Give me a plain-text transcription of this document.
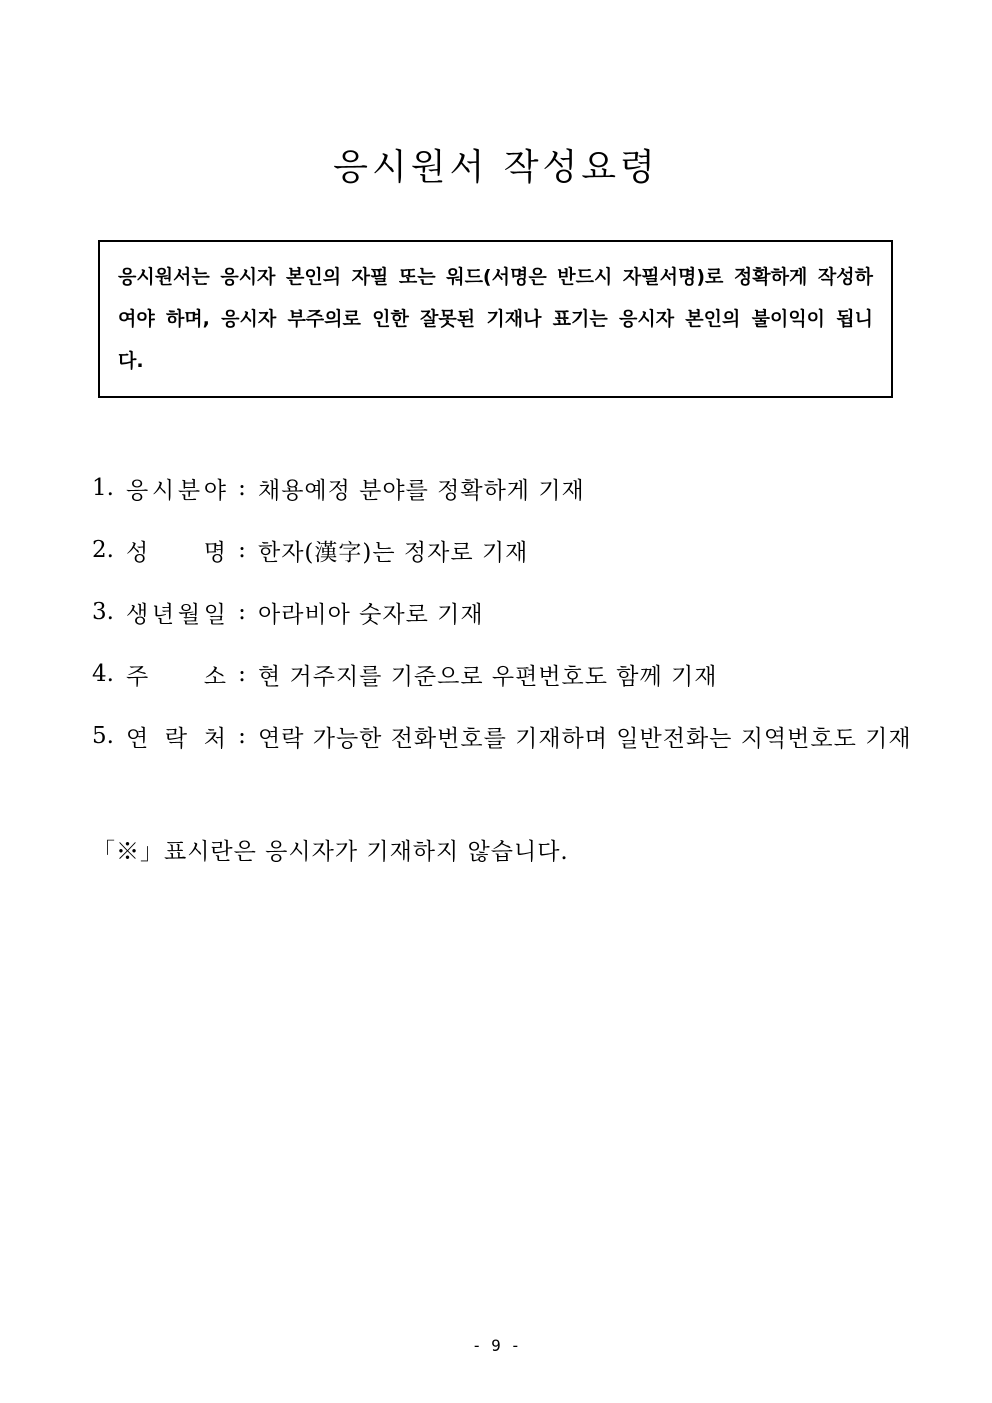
응시원서 작성요령

응시원서는 응시자 본인의 자필 또는 워드(서명은 반드시 자필서명)로 정확하게 작성하여야 하며, 응시자 부주의로 인한 잘못된 기재나 표기는 응시자 본인의 불이익이 됩니다.

1. 응 시 분 야 : 채용예정 분야를 정확하게 기재
2. 성 명 : 한자(漢字)는 정자로 기재
3. 생 년 월 일 : 아라비아 숫자로 기재
4. 주 소 : 현 거주지를 기준으로 우편번호도 함께 기재
5. 연 락 처 : 연락 가능한 전화번호를 기재하며 일반전화는 지역번호도 기재
「※」표시란은 응시자가 기재하지 않습니다.
- 9 -
